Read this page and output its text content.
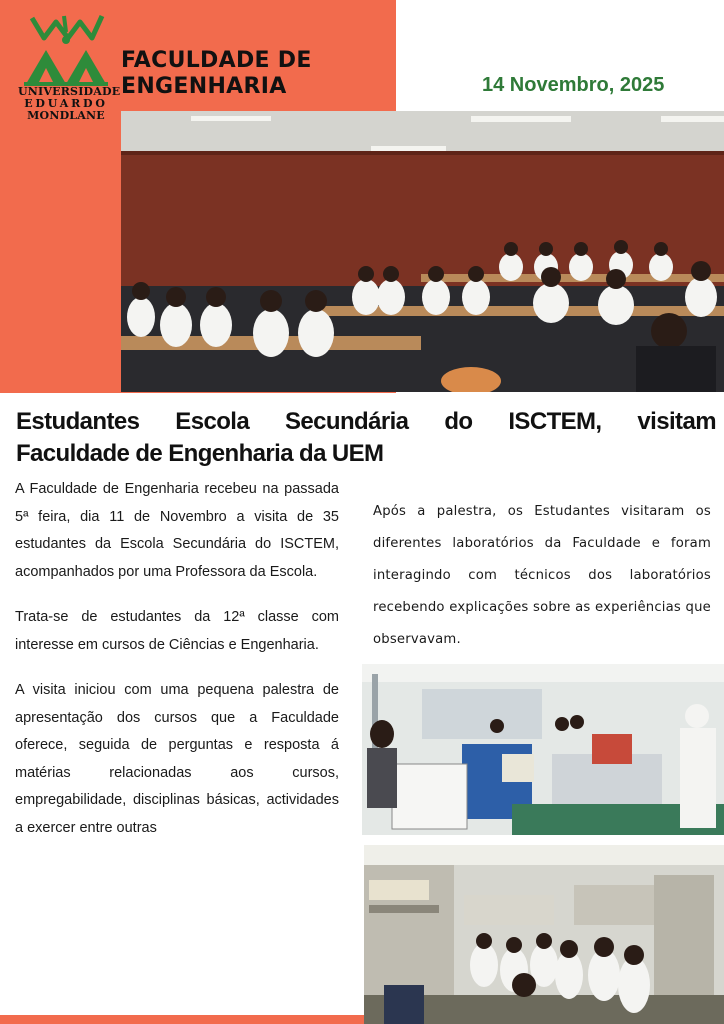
UNIVERSIDADE
EDUARDO
MONDLANE
FACULDADE DE
ENGENHARIA	14 Novembro, 2025
Estudantes Escola Secundária do ISCTEM, visitam
Faculdade de Engenharia da UEM

A Faculdade de Engenharia recebeu na passada 5ª feira, dia 11 de Novembro a visita de 35 estudantes da Escola Secundária do ISCTEM, acompanhados por uma Professora da Escola.

Trata-se de estudantes da 12ª classe com interesse em cursos de Ciências e Engenharia.

A visita iniciou com uma pequena palestra de apresentação dos cursos que a Faculdade oferece, seguida de perguntas e resposta á matérias relacionadas aos cursos, empregabilidade, disciplinas básicas, actividades a exercer entre outras

Após a palestra, os Estudantes visitaram os diferentes laboratórios da Faculdade e foram interagindo com técnicos dos laboratórios recebendo explicações sobre as experiências que observavam.
